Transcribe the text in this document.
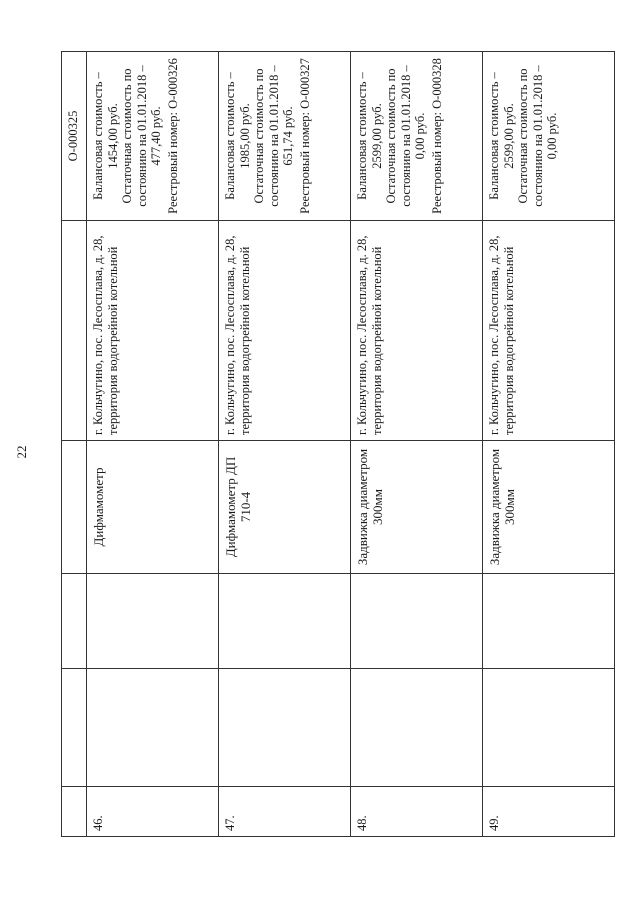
22
					О-000325
46.			Дифмамометр	г. Кольчугино, пос. Лесосплава, д. 28, территория водогрейной котельной	Балансовая стоимость – 1454,00 руб. Остаточная стоимость по состоянию на 01.01.2018 – 477,40 руб. Реестровый номер: О-000326

47.			Дифмамометр ДП 710-4	г. Кольчугино, пос. Лесосплава, д. 28, территория водогрейной котельной	Балансовая стоимость – 1985,00 руб. Остаточная стоимость по состоянию на 01.01.2018 – 651,74 руб. Реестровый номер: О-000327

48.			Задвижка диаметром 300мм	г. Кольчугино, пос. Лесосплава, д. 28, территория водогрейной котельной	Балансовая стоимость – 2599,00 руб. Остаточная стоимость по состоянию на 01.01.2018 – 0,00 руб. Реестровый номер: О-000328

49.			Задвижка диаметром 300мм	г. Кольчугино, пос. Лесосплава, д. 28, территория водогрейной котельной	Балансовая стоимость – 2599,00 руб. Остаточная стоимость по состоянию на 01.01.2018 – 0,00 руб.
